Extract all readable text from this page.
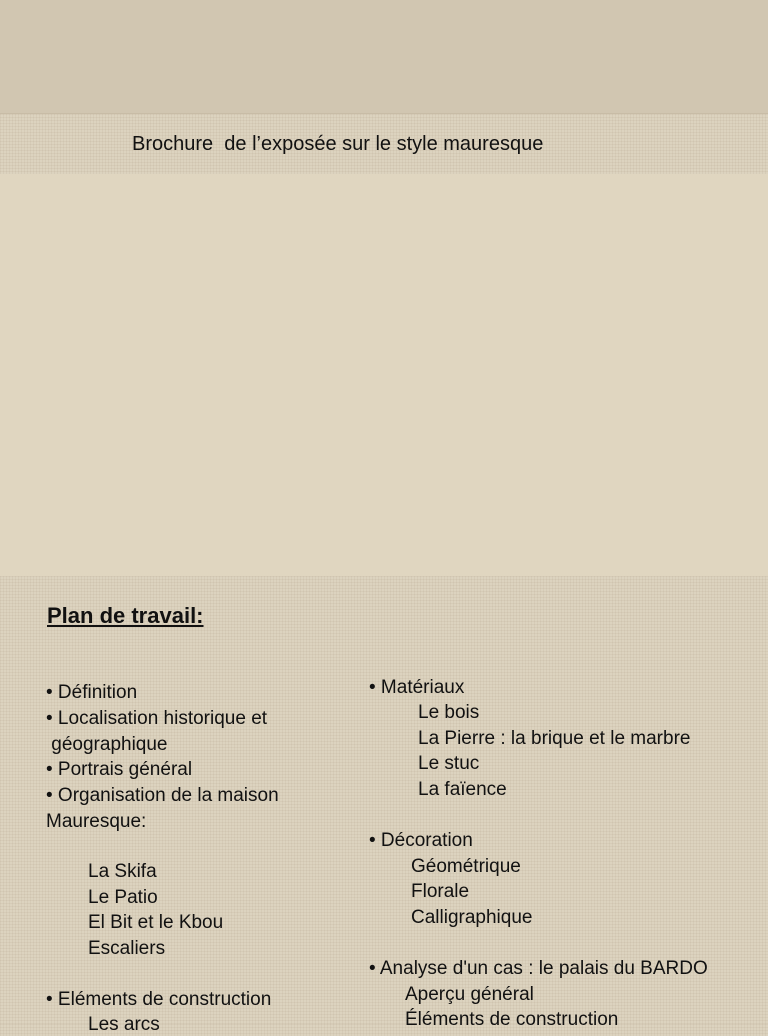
Brochure  de l’exposée sur le style mauresque
Plan de travail:
• Définition
• Localisation historique et
géographique
• Portrais général
• Organisation de la maison
Mauresque:
La Skifa
Le Patio
El Bit et le Kbou
Escaliers
• Eléments de construction
Les arcs
• Matériaux
Le bois
La Pierre : la brique et le marbre
Le stuc
La faïence
• Décoration
Géométrique
Florale
Calligraphique
• Analyse d'un cas : le palais du BARDO
Aperçu général
Éléments de construction
